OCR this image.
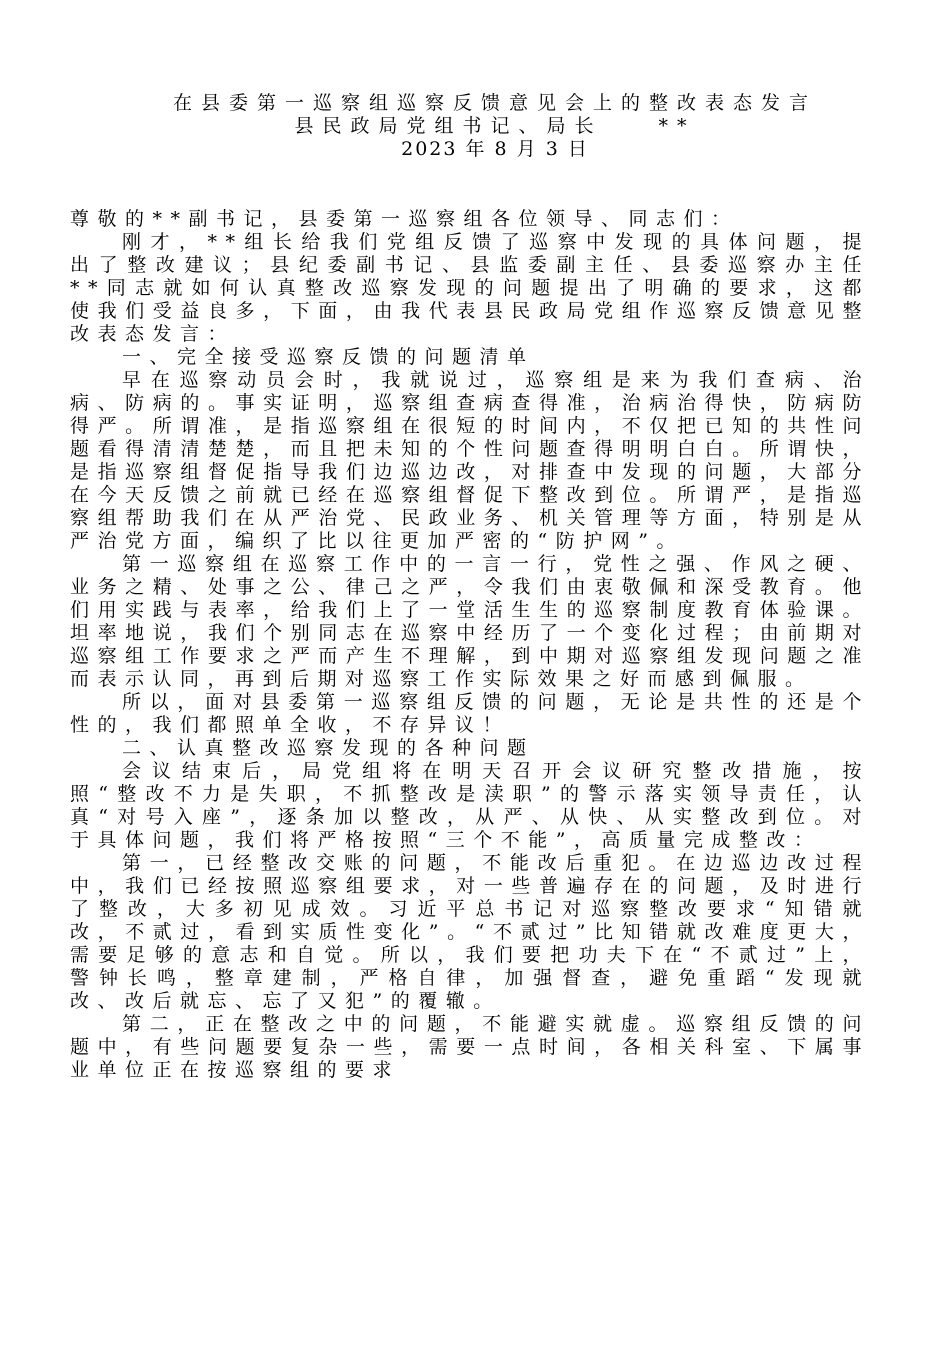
在县委第一巡察组巡察反馈意见会上的整改表态发言

县民政局党组书记、局长　　**

2023 年 8 月 3 日

尊敬的**副书记，县委第一巡察组各位领导、同志们：

刚才，**组长给我们党组反馈了巡察中发现的具体问题，提出了整改建议；县纪委副书记、县监委副主任、县委巡察办主任**同志就如何认真整改巡察发现的问题提出了明确的要求，这都使我们受益良多，下面，由我代表县民政局党组作巡察反馈意见整改表态发言：

一、完全接受巡察反馈的问题清单

早在巡察动员会时，我就说过，巡察组是来为我们查病、治病、防病的。事实证明，巡察组查病查得准，治病治得快，防病防得严。所谓准，是指巡察组在很短的时间内，不仅把已知的共性问题看得清清楚楚，而且把未知的个性问题查得明明白白。所谓快，是指巡察组督促指导我们边巡边改，对排查中发现的问题，大部分在今天反馈之前就已经在巡察组督促下整改到位。所谓严，是指巡察组帮助我们在从严治党、民政业务、机关管理等方面，特别是从严治党方面，编织了比以往更加严密的“防护网”。

第一巡察组在巡察工作中的一言一行，党性之强、作风之硬、业务之精、处事之公、律己之严，令我们由衷敬佩和深受教育。他们用实践与表率，给我们上了一堂活生生的巡察制度教育体验课。坦率地说，我们个别同志在巡察中经历了一个变化过程；由前期对巡察组工作要求之严而产生不理解，到中期对巡察组发现问题之准而表示认同，再到后期对巡察工作实际效果之好而感到佩服。

所以，面对县委第一巡察组反馈的问题，无论是共性的还是个性的，我们都照单全收，不存异议！

二、认真整改巡察发现的各种问题

会议结束后，局党组将在明天召开会议研究整改措施，按照“整改不力是失职，不抓整改是渎职”的警示落实领导责任，认真“对号入座”，逐条加以整改，从严、从快、从实整改到位。对于具体问题，我们将严格按照“三个不能”，高质量完成整改：

第一，已经整改交账的问题，不能改后重犯。在边巡边改过程中，我们已经按照巡察组要求，对一些普遍存在的问题，及时进行了整改，大多初见成效。习近平总书记对巡察整改要求“知错就改，不贰过，看到实质性变化”。“不贰过”比知错就改难度更大，需要足够的意志和自觉。所以，我们要把功夫下在“不贰过”上，警钟长鸣，整章建制，严格自律，加强督查，避免重蹈“发现就改、改后就忘、忘了又犯”的覆辙。

第二，正在整改之中的问题，不能避实就虚。巡察组反馈的问题中，有些问题要复杂一些，需要一点时间，各相关科室、下属事业单位正在按巡察组的要求
